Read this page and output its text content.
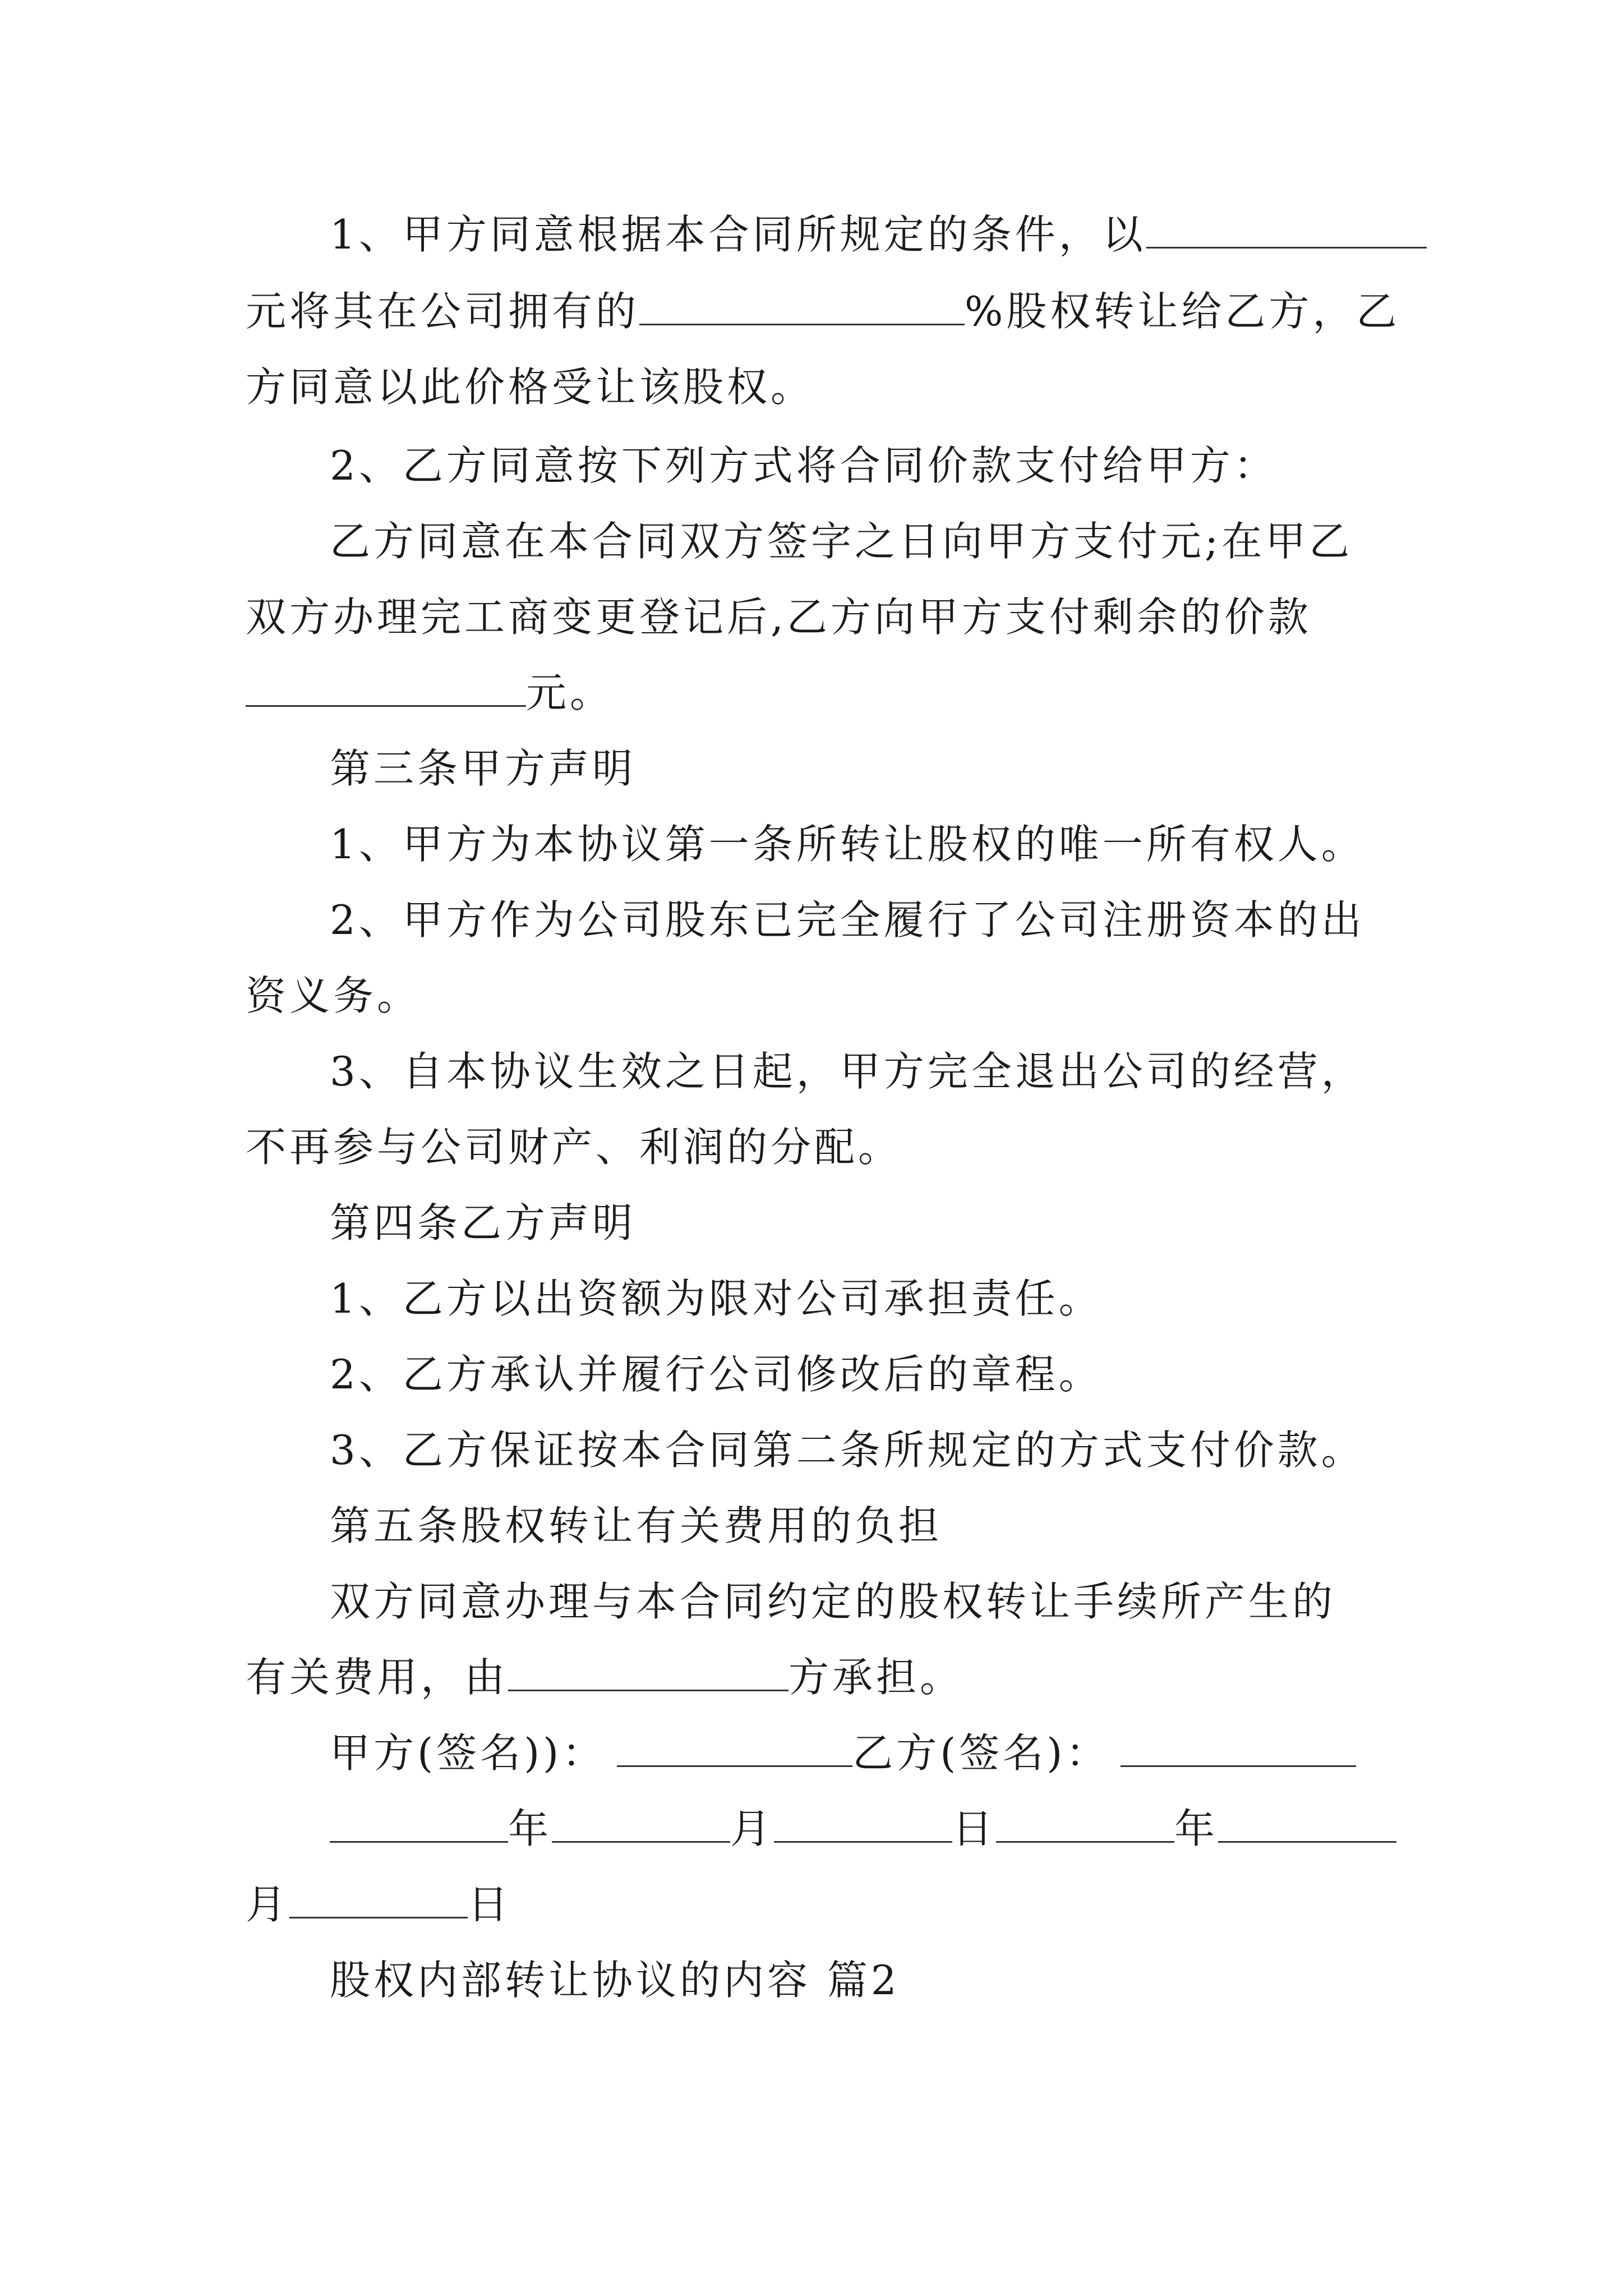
1、甲方同意根据本合同所规定的条件，以
元将其在公司拥有的	%股权转让给乙方，乙
方同意以此价格受让该股权。
2、乙方同意按下列方式将合同价款支付给甲方：
乙方同意在本合同双方签字之日向甲方支付元;在甲乙
双方办理完工商变更登记后,乙方向甲方支付剩余的价款
元。
第三条甲方声明
1、甲方为本协议第一条所转让股权的唯一所有权人。
2、甲方作为公司股东已完全履行了公司注册资本的出
资义务。
3、自本协议生效之日起，甲方完全退出公司的经营，
不再参与公司财产、利润的分配。
第四条乙方声明
1、乙方以出资额为限对公司承担责任。
2、乙方承认并履行公司修改后的章程。
3、乙方保证按本合同第二条所规定的方式支付价款。
第五条股权转让有关费用的负担
双方同意办理与本合同约定的股权转让手续所产生的
有关费用，由	方承担。
甲方(签名))：	乙方(签名)：
年	月	日	年
月	日
股权内部转让协议的内容 篇2
